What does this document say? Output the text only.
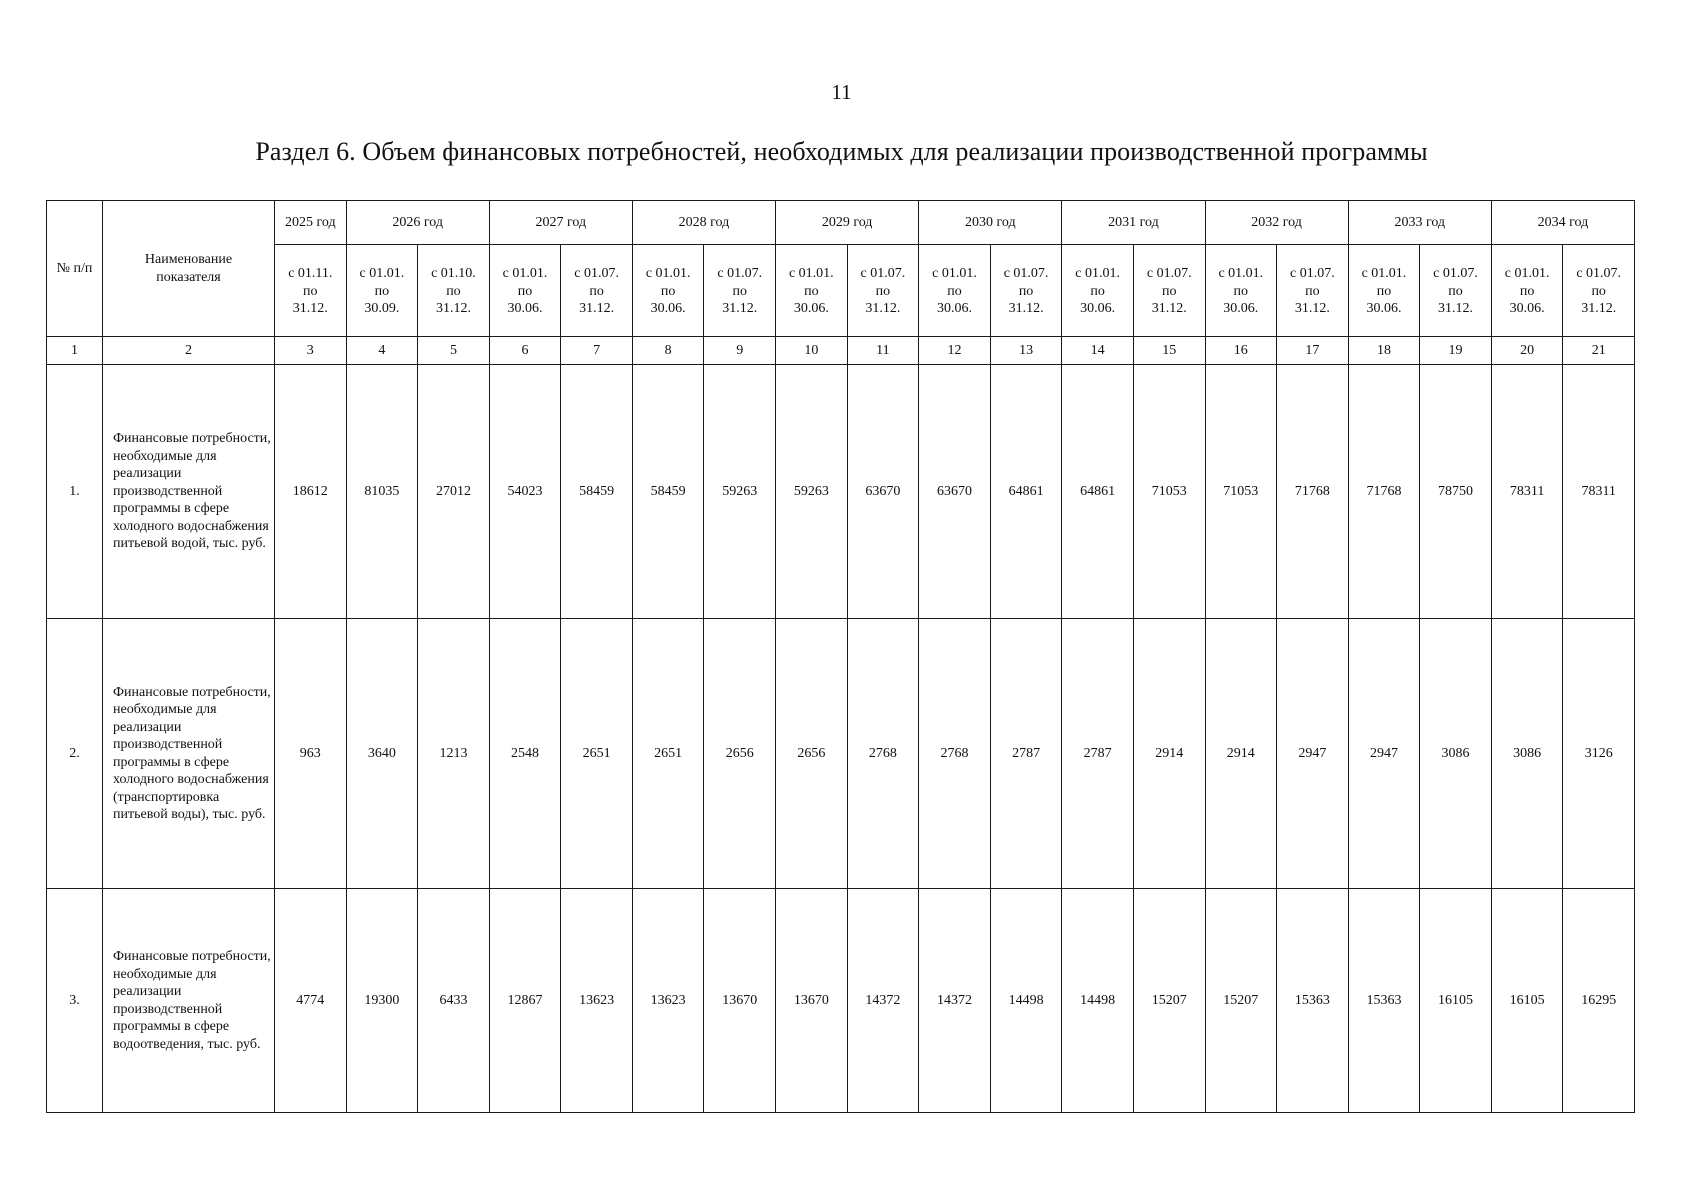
11
Раздел 6. Объем финансовых потребностей, необходимых для реализации производственной программы
№ п/п	Наименование показателя	2025 год	2026 год		2027 год		2028 год		2029 год		2030 год		2031 год		2032 год		2033 год		2034 год	
		с 01.11. по 31.12.	с 01.01. по 30.09.	с 01.10. по 31.12.	с 01.01. по 30.06.	с 01.07. по 31.12.	с 01.01. по 30.06.	с 01.07. по 31.12.	с 01.01. по 30.06.	с 01.07. по 31.12.	с 01.01. по 30.06.	с 01.07. по 31.12.	с 01.01. по 30.06.	с 01.07. по 31.12.	с 01.01. по 30.06.	с 01.07. по 31.12.	с 01.01. по 30.06.	с 01.07. по 31.12.	с 01.01. по 30.06.	с 01.07. по 31.12.
1	2	3	4	5	6	7	8	9	10	11	12	13	14	15	16	17	18	19	20	21
1.	Финансовые потребности, необходимые для реализации производственной программы в сфере холодного водоснабжения питьевой водой, тыс. руб.	18612	81035	27012	54023	58459	58459	59263	59263	63670	63670	64861	64861	71053	71053	71768	71768	78750	78311	78311
2.	Финансовые потребности, необходимые для реализации производственной программы в сфере холодного водоснабжения (транспортировка питьевой воды), тыс. руб.	963	3640	1213	2548	2651	2651	2656	2656	2768	2768	2787	2787	2914	2914	2947	2947	3086	3086	3126
3.	Финансовые потребности, необходимые для реализации производственной программы в сфере водоотведения, тыс. руб.	4774	19300	6433	12867	13623	13623	13670	13670	14372	14372	14498	14498	15207	15207	15363	15363	16105	16105	16295
